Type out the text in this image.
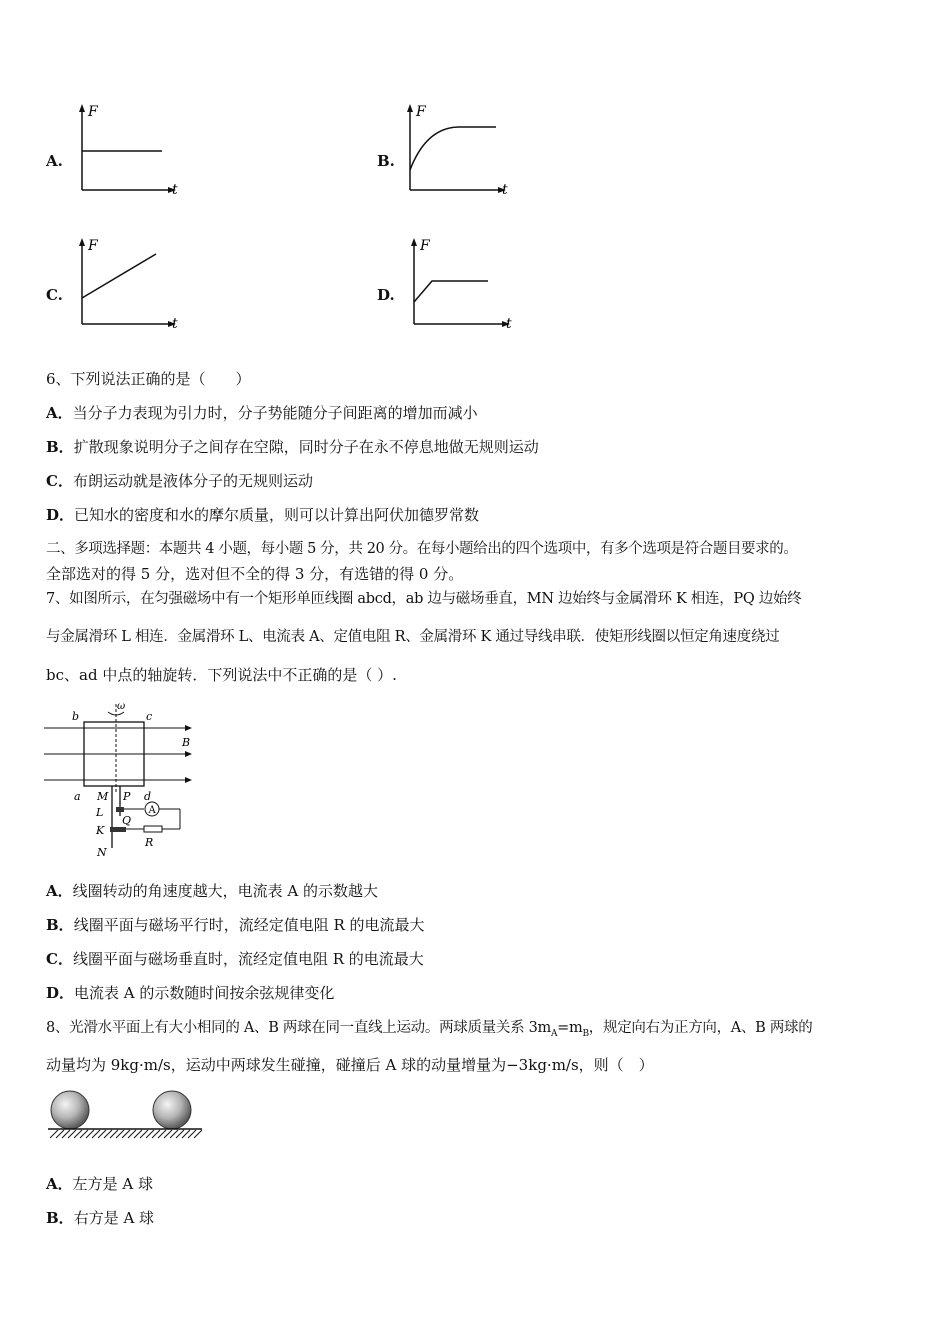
A.
F
t
B.
F
t
C.
F
t
D.
F
t
6、下列说法正确的是（　　）
A．当分子力表现为引力时，分子势能随分子间距离的增加而减小
B．扩散现象说明分子之间存在空隙，同时分子在永不停息地做无规则运动
C．布朗运动就是液体分子的无规则运动
D．已知水的密度和水的摩尔质量，则可以计算出阿伏加德罗常数
二、多项选择题：本题共 4 小题，每小题 5 分，共 20 分。在每小题给出的四个选项中，有多个选项是符合题目要求的。
全部选对的得 5 分，选对但不全的得 3 分，有选错的得 0 分。
7、如图所示，在匀强磁场中有一个矩形单匝线圈 abcd，ab 边与磁场垂直，MN 边始终与金属滑环 K 相连，PQ 边始终
与金属滑环 L 相连．金属滑环 L、电流表 A、定值电阻 R、金属滑环 K 通过导线串联．使矩形线圈以恒定角速度绕过
bc、ad 中点的轴旋转．下列说法中不正确的是（ ）.
ω
A
b	c
B
a M P d
L
Q
K
R
N
A．线圈转动的角速度越大，电流表 A 的示数越大
B．线圈平面与磁场平行时，流经定值电阻 R 的电流最大
C．线圈平面与磁场垂直时，流经定值电阻 R 的电流最大
D．电流表 A 的示数随时间按余弦规律变化
8、光滑水平面上有大小相同的 A、B 两球在同一直线上运动。两球质量关系 $3m_A=m_B$，规定向右为正方向，A、B 两球的
动量均为 9kg·m/s，运动中两球发生碰撞，碰撞后 A 球的动量增量为−3kg·m/s，则（　）
A．左方是 A 球
B．右方是 A 球
